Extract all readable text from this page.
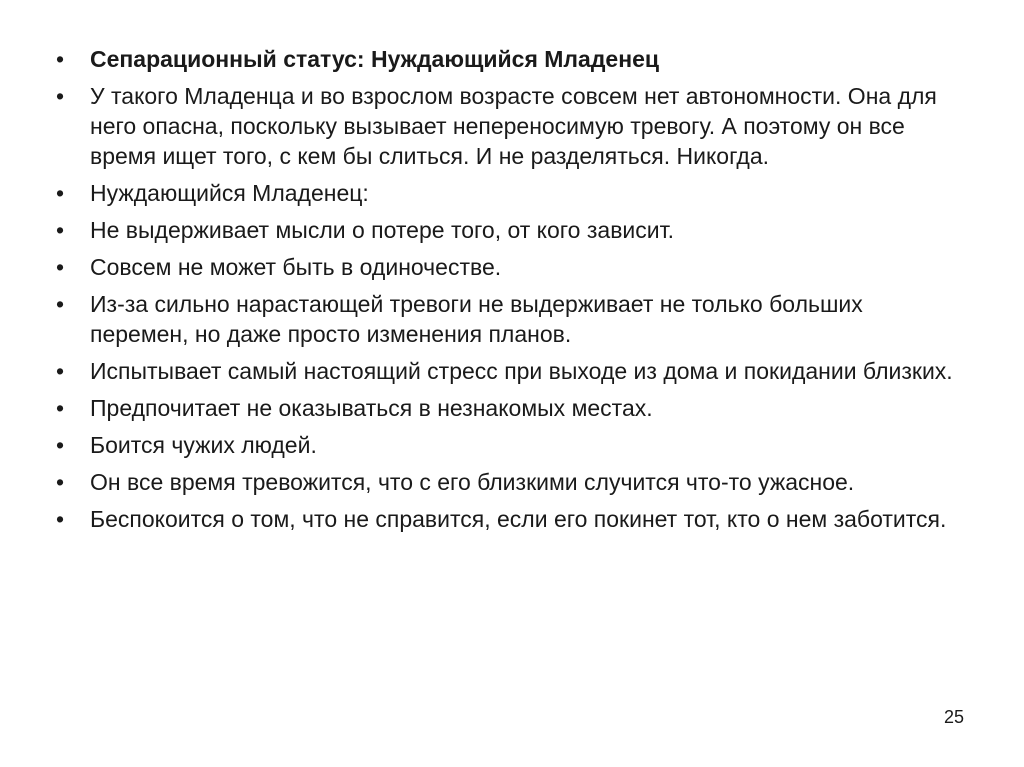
•	Сепарационный статус: Нуждающийся Младенец
•	У такого Младенца и во взрослом возрасте совсем нет автономности. Она для него опасна, поскольку вызывает непереносимую тревогу. А поэтому он все время ищет того, с кем бы слиться. И не разделяться. Никогда.
•	Нуждающийся Младенец:
•	Не выдерживает мысли о потере того, от кого зависит.
•	Совсем не может быть в одиночестве.
•	Из-за сильно нарастающей тревоги не выдерживает не только больших перемен, но даже просто изменения планов.
•	Испытывает самый настоящий стресс при выходе из дома и покидании близких.
•	Предпочитает не оказываться в незнакомых местах.
•	Боится чужих людей.
•	Он все время тревожится, что с его близкими случится что-то ужасное.
•	Беспокоится о том, что не справится, если его покинет тот, кто о нем заботится.
25
